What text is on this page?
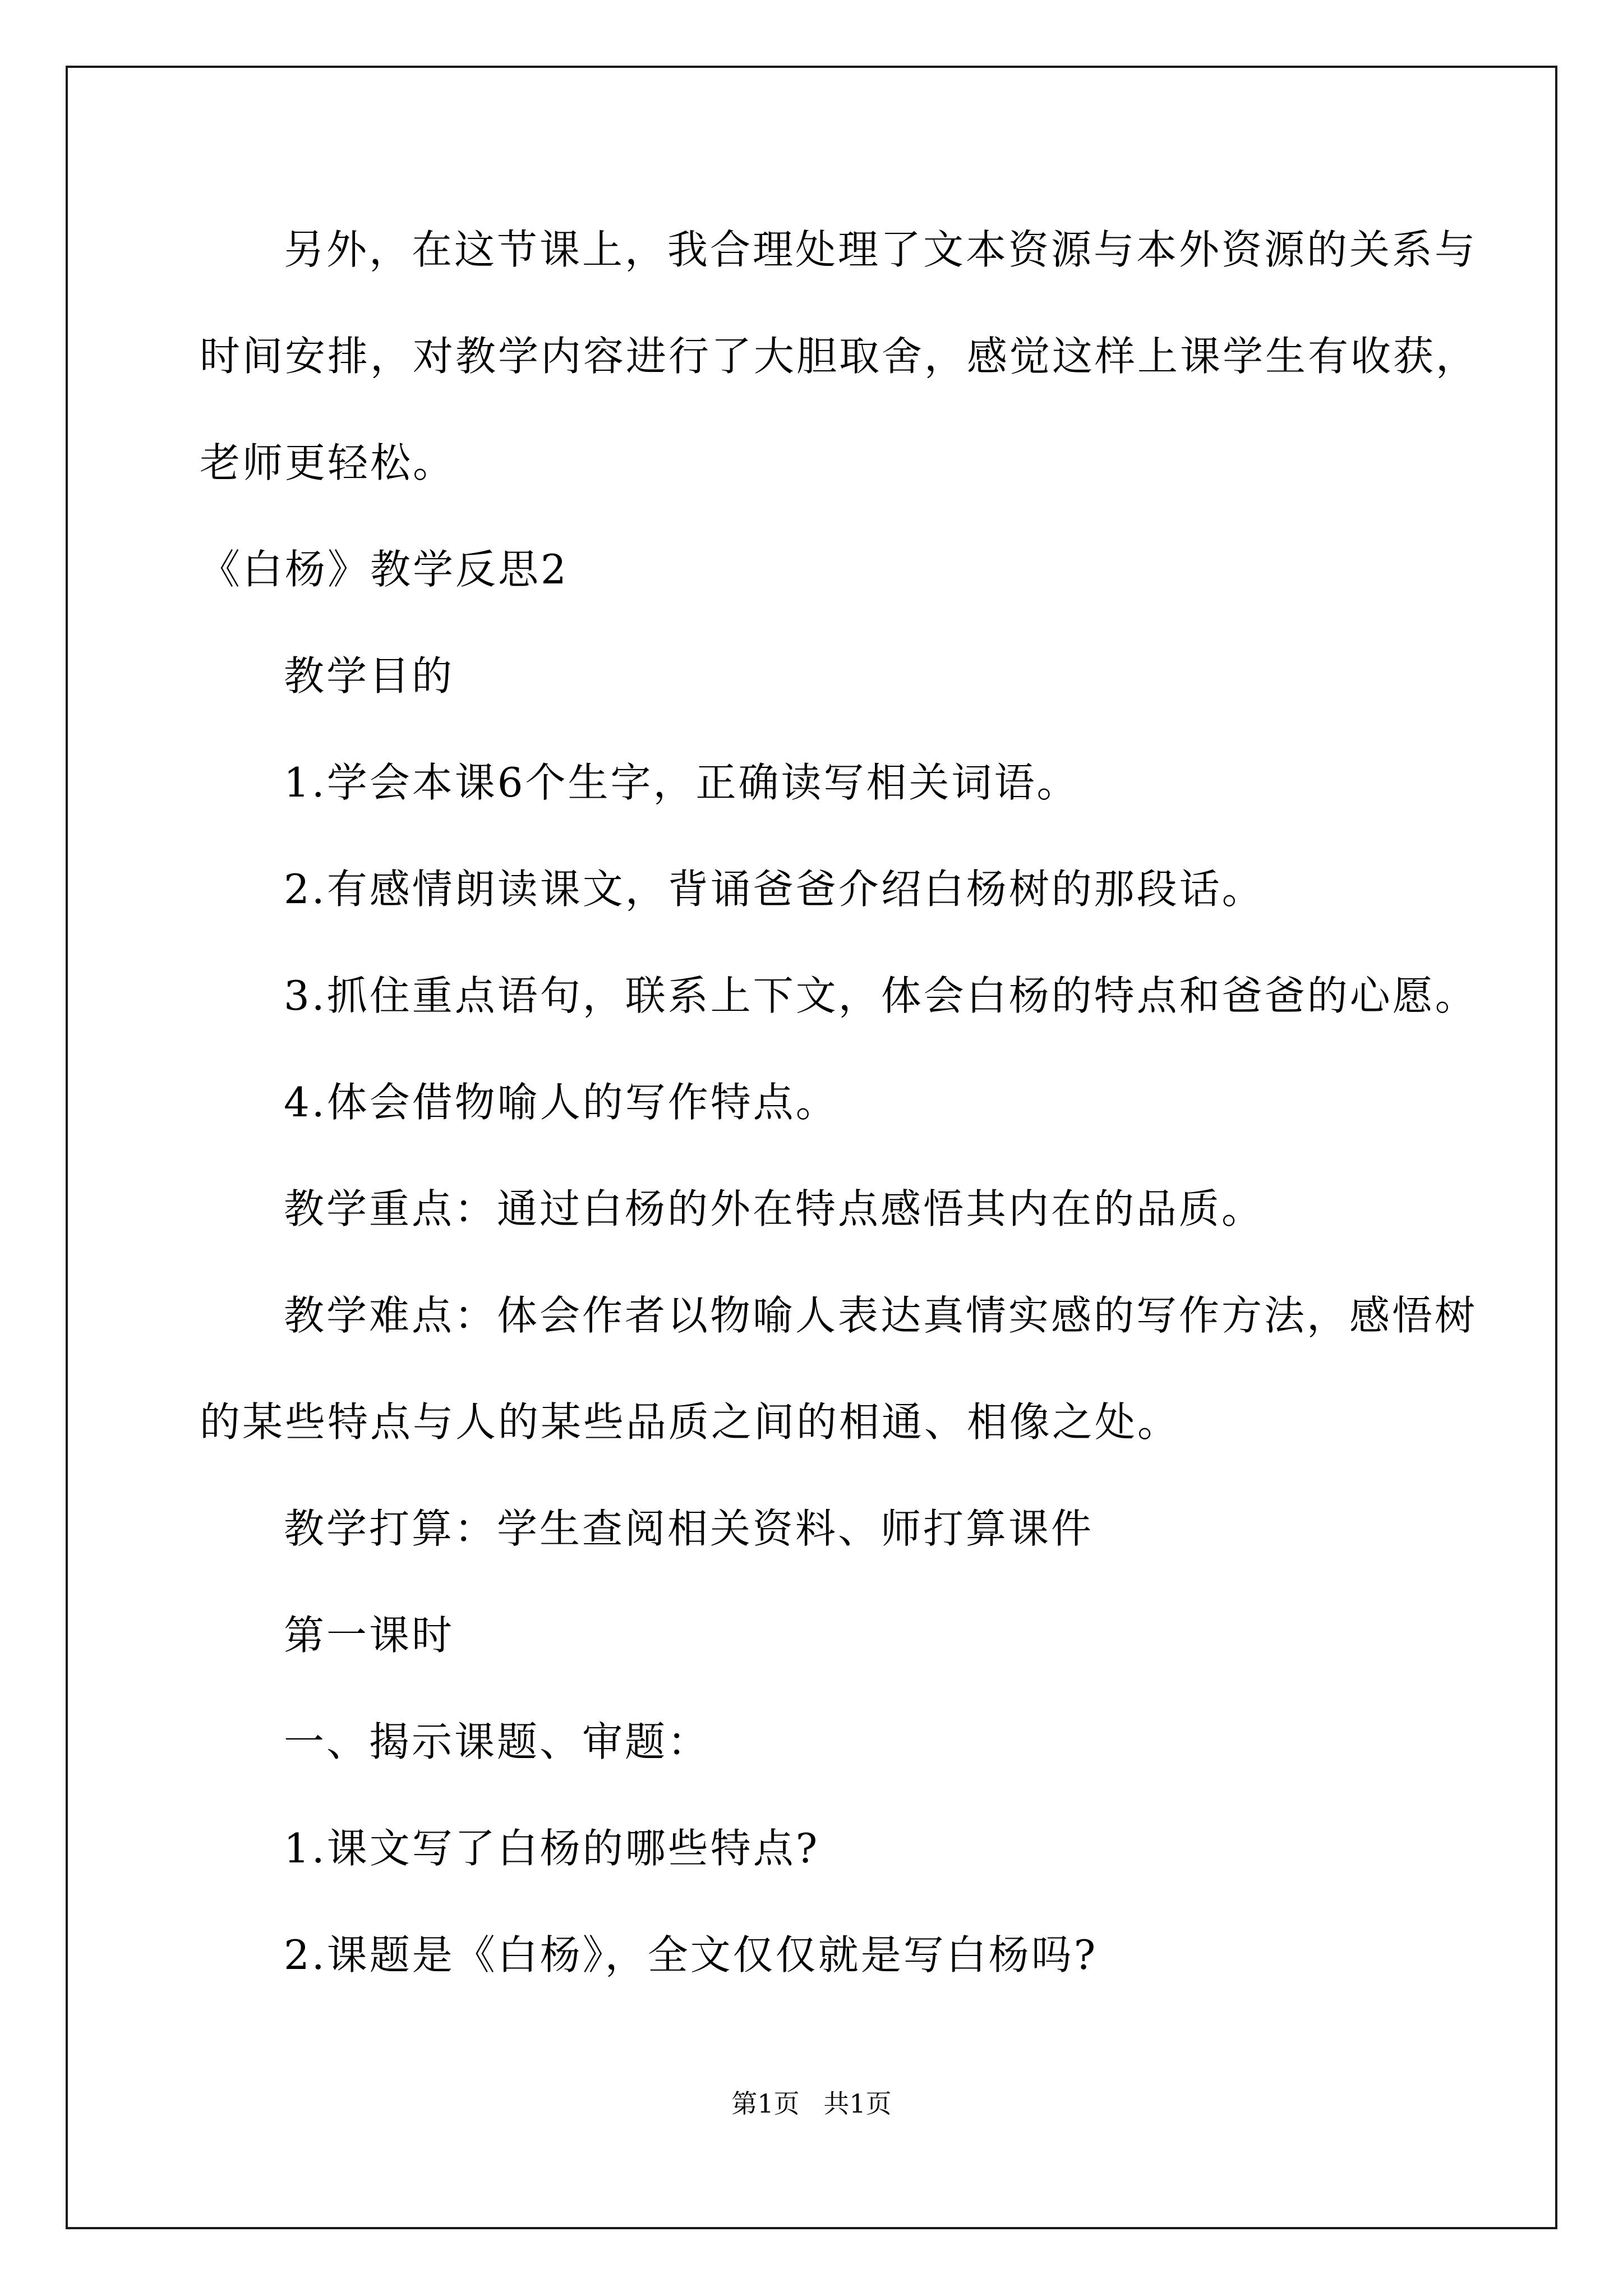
另外，在这节课上，我合理处理了文本资源与本外资源的关系与
时间安排，对教学内容进行了大胆取舍，感觉这样上课学生有收获，
老师更轻松。
《白杨》教学反思2
教学目的
1.学会本课6个生字，正确读写相关词语。
2.有感情朗读课文，背诵爸爸介绍白杨树的那段话。
3.抓住重点语句，联系上下文，体会白杨的特点和爸爸的心愿。
4.体会借物喻人的写作特点。
教学重点：通过白杨的外在特点感悟其内在的品质。
教学难点：体会作者以物喻人表达真情实感的写作方法，感悟树
的某些特点与人的某些品质之间的相通、相像之处。
教学打算：学生查阅相关资料、师打算课件
第一课时
一、揭示课题、审题：
1.课文写了白杨的哪些特点?
2.课题是《白杨》，全文仅仅就是写白杨吗?
第1页 共1页
